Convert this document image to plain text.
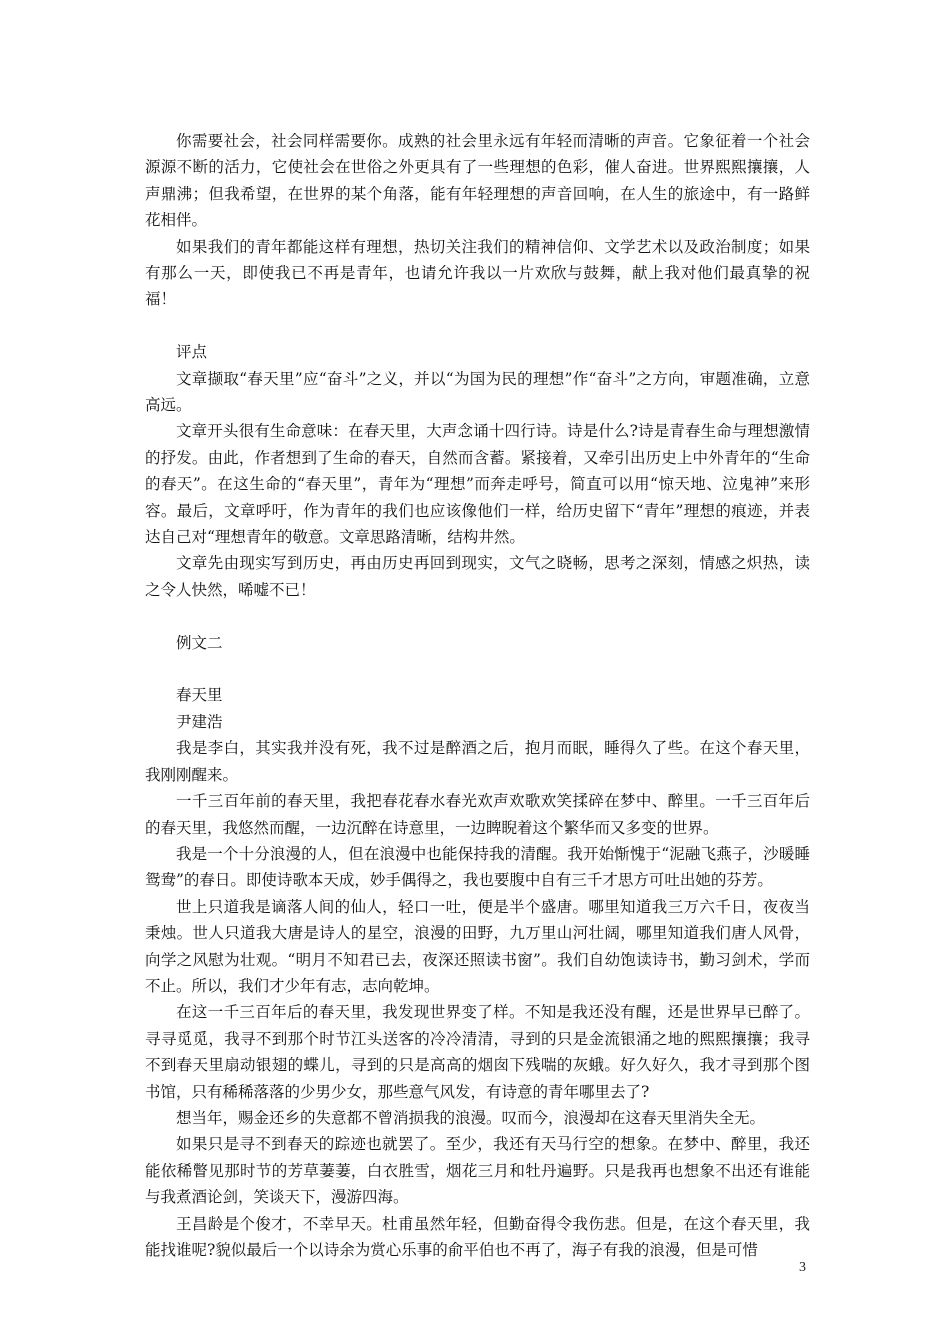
你需要社会，社会同样需要你。成熟的社会里永远有年轻而清晰的声音。它象征着一个社会源源不断的活力，它使社会在世俗之外更具有了一些理想的色彩，催人奋进。世界熙熙攘攘，人声鼎沸；但我希望，在世界的某个角落，能有年轻理想的声音回响，在人生的旅途中，有一路鲜花相伴。

如果我们的青年都能这样有理想，热切关注我们的精神信仰、文学艺术以及政治制度；如果有那么一天，即使我已不再是青年，也请允许我以一片欢欣与鼓舞，献上我对他们最真挚的祝福！

评点

文章撷取“春天里”应“奋斗”之义，并以“为国为民的理想”作“奋斗”之方向，审题准确，立意高远。

文章开头很有生命意味：在春天里，大声念诵十四行诗。诗是什么?诗是青春生命与理想激情的抒发。由此，作者想到了生命的春天，自然而含蓄。紧接着，又牵引出历史上中外青年的“生命的春天”。在这生命的“春天里”，青年为“理想”而奔走呼号，简直可以用“惊天地、泣鬼神”来形容。最后，文章呼吁，作为青年的我们也应该像他们一样，给历史留下“青年”理想的痕迹，并表达自己对“理想青年的敬意。文章思路清晰，结构井然。

文章先由现实写到历史，再由历史再回到现实，文气之晓畅，思考之深刻，情感之炽热，读之令人快然，唏嘘不已！

例文二

春天里

尹建浩

我是李白，其实我并没有死，我不过是醉酒之后，抱月而眠，睡得久了些。在这个春天里，我刚刚醒来。

一千三百年前的春天里，我把春花春水春光欢声欢歌欢笑揉碎在梦中、醉里。一千三百年后的春天里，我悠然而醒，一边沉醉在诗意里，一边睥睨着这个繁华而又多变的世界。

我是一个十分浪漫的人，但在浪漫中也能保持我的清醒。我开始惭愧于“泥融飞燕子，沙暖睡鸳鸯”的春日。即使诗歌本天成，妙手偶得之，我也要腹中自有三千才思方可吐出她的芬芳。

世上只道我是谪落人间的仙人，轻口一吐，便是半个盛唐。哪里知道我三万六千日，夜夜当秉烛。世人只道我大唐是诗人的星空，浪漫的田野，九万里山河壮阔，哪里知道我们唐人风骨，向学之风慰为壮观。“明月不知君已去，夜深还照读书窗”。我们自幼饱读诗书，勤习剑术，学而不止。所以，我们才少年有志，志向乾坤。

在这一千三百年后的春天里，我发现世界变了样。不知是我还没有醒，还是世界早已醉了。寻寻觅觅，我寻不到那个时节江头送客的冷冷清清，寻到的只是金流银涌之地的熙熙攘攘；我寻不到春天里扇动银翅的蝶儿，寻到的只是高高的烟囱下残喘的灰蛾。好久好久，我才寻到那个图书馆，只有稀稀落落的少男少女，那些意气风发，有诗意的青年哪里去了?

想当年，赐金还乡的失意都不曾消损我的浪漫。叹而今，浪漫却在这春天里消失全无。

如果只是寻不到春天的踪迹也就罢了。至少，我还有天马行空的想象。在梦中、醉里，我还能依稀瞥见那时节的芳草萋萋，白衣胜雪，烟花三月和牡丹遍野。只是我再也想象不出还有谁能与我煮酒论剑，笑谈天下，漫游四海。

王昌龄是个俊才，不幸早天。杜甫虽然年轻，但勤奋得令我伤悲。但是，在这个春天里，我能找谁呢?貌似最后一个以诗余为赏心乐事的俞平伯也不再了，海子有我的浪漫，但是可惜

3
